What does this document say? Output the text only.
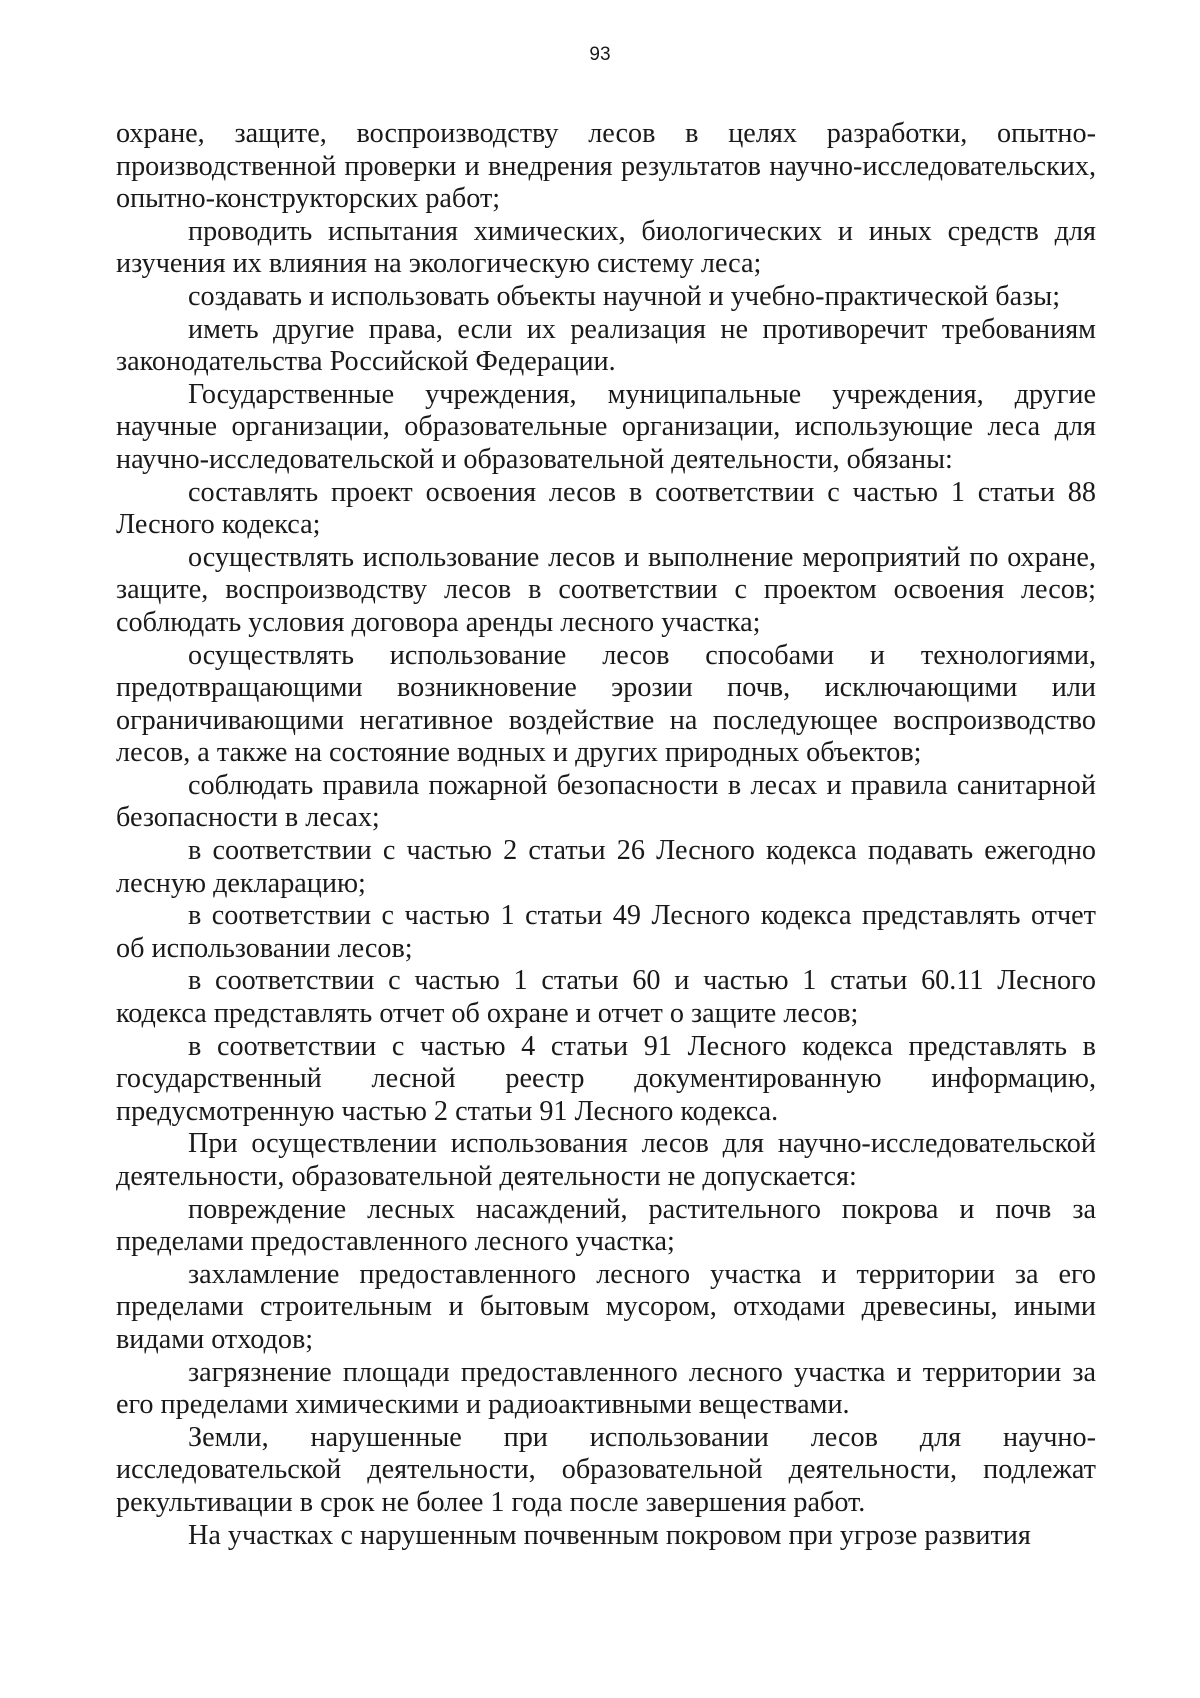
93

охране, защите, воспроизводству лесов в целях разработки, опытно-производственной проверки и внедрения результатов научно-исследовательских, опытно-конструкторских работ;

проводить испытания химических, биологических и иных средств для изучения их влияния на экологическую систему леса;

создавать и использовать объекты научной и учебно-практической базы;

иметь другие права, если их реализация не противоречит требованиям законодательства Российской Федерации.

Государственные учреждения, муниципальные учреждения, другие научные организации, образовательные организации, использующие леса для научно-исследовательской и образовательной деятельности, обязаны:

составлять проект освоения лесов в соответствии с частью 1 статьи 88 Лесного кодекса;

осуществлять использование лесов и выполнение мероприятий по охране, защите, воспроизводству лесов в соответствии с проектом освоения лесов; соблюдать условия договора аренды лесного участка;

осуществлять использование лесов способами и технологиями, предотвращающими возникновение эрозии почв, исключающими или ограничивающими негативное воздействие на последующее воспроизводство лесов, а также на состояние водных и других природных объектов;

соблюдать правила пожарной безопасности в лесах и правила санитарной безопасности в лесах;

в соответствии с частью 2 статьи 26 Лесного кодекса подавать ежегодно лесную декларацию;

в соответствии с частью 1 статьи 49 Лесного кодекса представлять отчет об использовании лесов;

в соответствии с частью 1 статьи 60 и частью 1 статьи 60.11 Лесного кодекса представлять отчет об охране и отчет о защите лесов;

в соответствии с частью 4 статьи 91 Лесного кодекса представлять в государственный лесной реестр документированную информацию, предусмотренную частью 2 статьи 91 Лесного кодекса.

При осуществлении использования лесов для научно-исследовательской деятельности, образовательной деятельности не допускается:

повреждение лесных насаждений, растительного покрова и почв за пределами предоставленного лесного участка;

захламление предоставленного лесного участка и территории за его пределами строительным и бытовым мусором, отходами древесины, иными видами отходов;

загрязнение площади предоставленного лесного участка и территории за его пределами химическими и радиоактивными веществами.

Земли, нарушенные при использовании лесов для научно-исследовательской деятельности, образовательной деятельности, подлежат рекультивации в срок не более 1 года после завершения работ.

На участках с нарушенным почвенным покровом при угрозе развития
